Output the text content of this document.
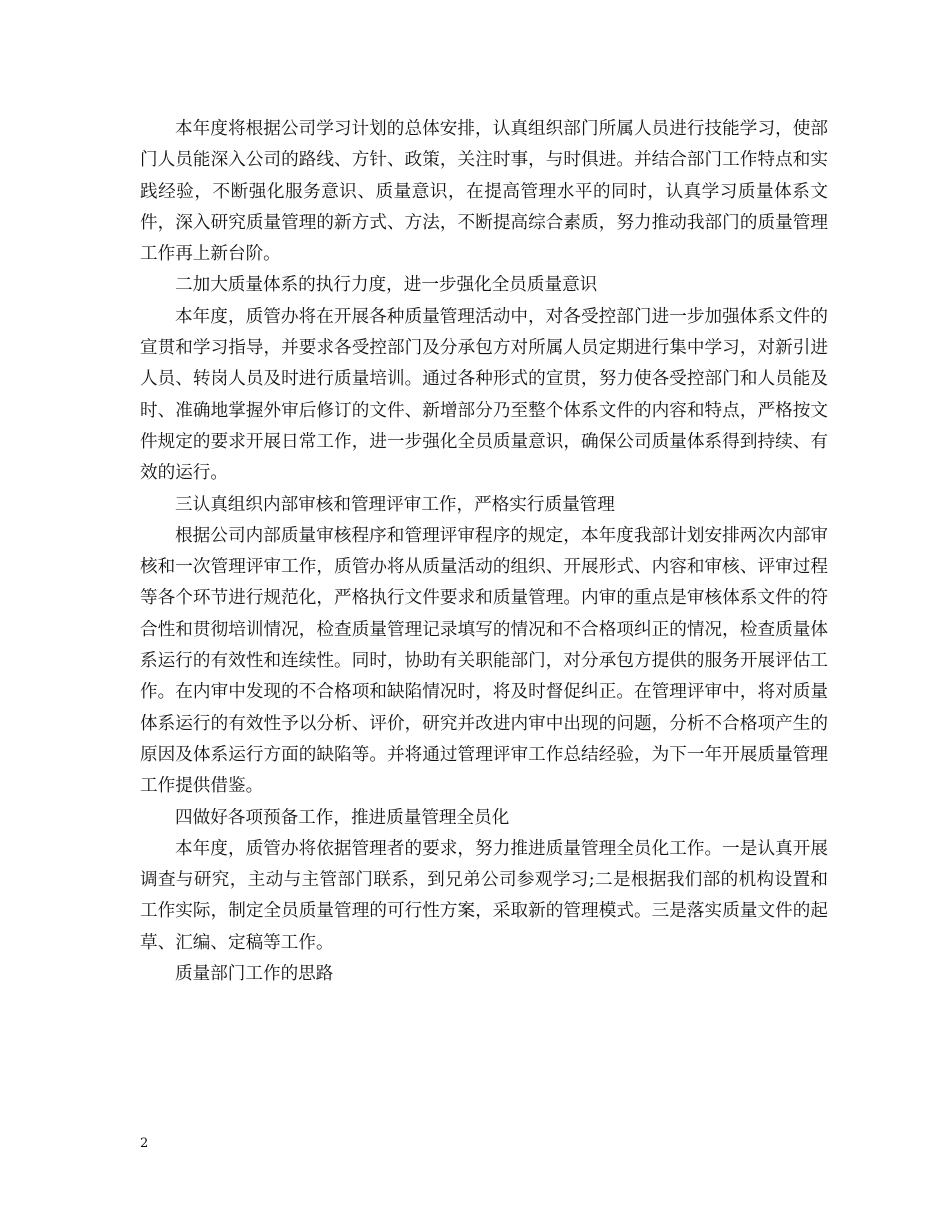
本年度将根据公司学习计划的总体安排，认真组织部门所属人员进行技能学习，使部门人员能深入公司的路线、方针、政策，关注时事，与时俱进。并结合部门工作特点和实践经验，不断强化服务意识、质量意识，在提高管理水平的同时，认真学习质量体系文件，深入研究质量管理的新方式、方法，不断提高综合素质，努力推动我部门的质量管理工作再上新台阶。

二加大质量体系的执行力度，进一步强化全员质量意识

本年度，质管办将在开展各种质量管理活动中，对各受控部门进一步加强体系文件的宣贯和学习指导，并要求各受控部门及分承包方对所属人员定期进行集中学习，对新引进人员、转岗人员及时进行质量培训。通过各种形式的宣贯，努力使各受控部门和人员能及时、准确地掌握外审后修订的文件、新增部分乃至整个体系文件的内容和特点，严格按文件规定的要求开展日常工作，进一步强化全员质量意识，确保公司质量体系得到持续、有效的运行。

三认真组织内部审核和管理评审工作，严格实行质量管理

根据公司内部质量审核程序和管理评审程序的规定，本年度我部计划安排两次内部审核和一次管理评审工作，质管办将从质量活动的组织、开展形式、内容和审核、评审过程等各个环节进行规范化，严格执行文件要求和质量管理。内审的重点是审核体系文件的符合性和贯彻培训情况，检查质量管理记录填写的情况和不合格项纠正的情况，检查质量体系运行的有效性和连续性。同时，协助有关职能部门，对分承包方提供的服务开展评估工作。在内审中发现的不合格项和缺陷情况时，将及时督促纠正。在管理评审中，将对质量体系运行的有效性予以分析、评价，研究并改进内审中出现的问题，分析不合格项产生的原因及体系运行方面的缺陷等。并将通过管理评审工作总结经验，为下一年开展质量管理工作提供借鉴。

四做好各项预备工作，推进质量管理全员化

本年度，质管办将依据管理者的要求，努力推进质量管理全员化工作。一是认真开展调查与研究，主动与主管部门联系，到兄弟公司参观学习;二是根据我们部的机构设置和工作实际，制定全员质量管理的可行性方案，采取新的管理模式。三是落实质量文件的起草、汇编、定稿等工作。

质量部门工作的思路

2
